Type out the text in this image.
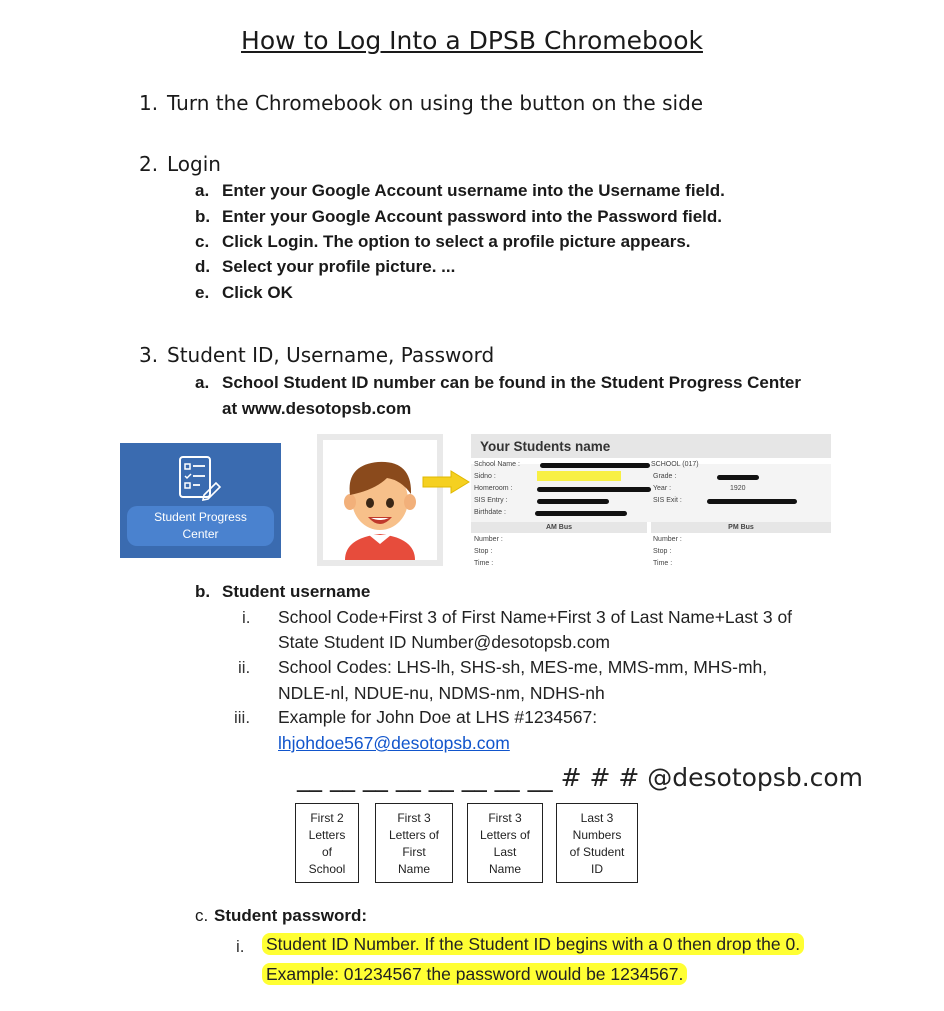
How to Log Into a DPSB Chromebook
1. Turn the Chromebook on using the button on the side
2. Login
a. Enter your Google Account username into the Username field.
b. Enter your Google Account password into the Password field.
c. Click Login. The option to select a profile picture appears.
d. Select your profile picture. ...
e. Click OK
3. Student ID, Username, Password
a. School Student ID number can be found in the Student Progress Center
at www.desotopsb.com
Student Progress
Center
Your Students name
School Name :	SCHOOL (017)
Sidno :	Grade :
Homeroom :	Year :	1920
SIS Entry :	SIS Exit :
Birthdate :
AM Bus	PM Bus
Number :
Stop :
Time :
Number :
Stop :
Time :
b. Student username
i. School Code+First 3 of First Name+First 3 of Last Name+Last 3 of
State Student ID Number@desotopsb.com
ii. School Codes: LHS-lh, SHS-sh, MES-me, MMS-mm, MHS-mh,
NDLE-nl, NDUE-nu, NDMS-nm, NDHS-nh
iii. Example for John Doe at LHS #1234567:
lhjohdoe567@desotopsb.com
__ __ __ __ __ __ __ __ # # # @desotopsb.com
First 2
Letters
of
School
First 3
Letters of
First
Name
First 3
Letters of
Last
Name
Last 3
Numbers
of Student
ID
c. Student password:
i. Student ID Number. If the Student ID begins with a 0 then drop the 0.
Example: 01234567 the password would be 1234567.
